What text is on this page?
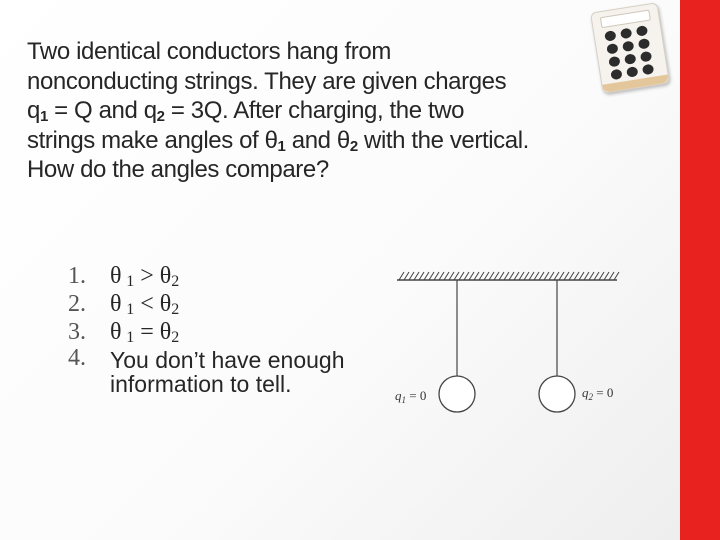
Two identical conductors hang from

nonconducting strings. They are given charges

$q_1 = Q$ and $q_2 = 3Q$. After charging, the two

strings make angles of $\theta_1$ and $\theta_2$ with the vertical.

How do the angles compare?

1. θ $_1 > \theta_2$
2. θ $_1 < \theta_2$
3. θ $_1 = \theta_2$
4. You don’t have enough information to tell.	$q_1 = 0$	$q_2 = 0$
